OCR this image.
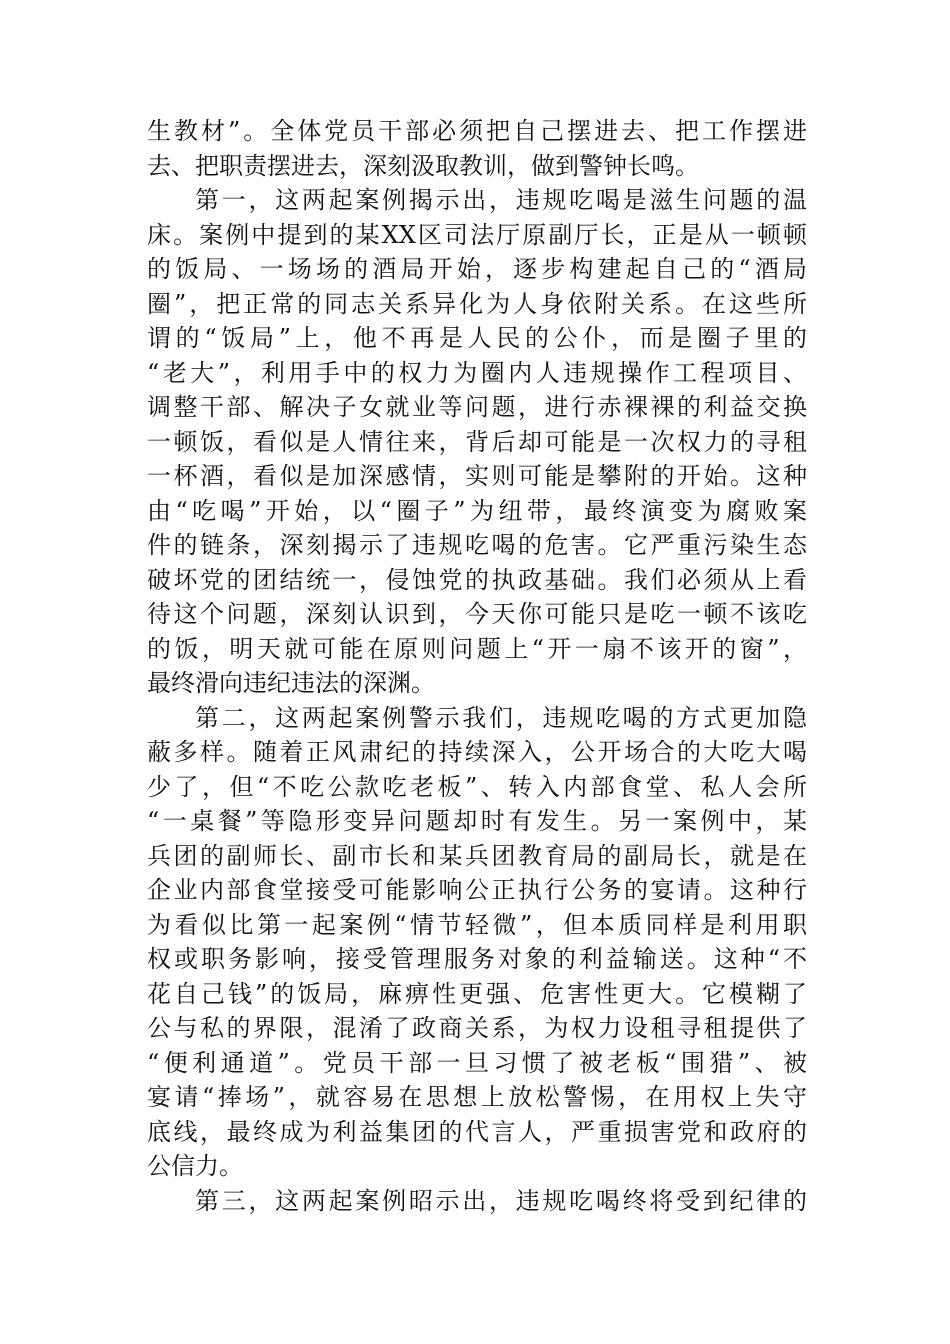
生教材”。全体党员干部必须把自己摆进去、把工作摆进
去、把职责摆进去，深刻汲取教训，做到警钟长鸣。
第一，这两起案例揭示出，违规吃喝是滋生问题的温
床。案例中提到的某XX区司法厅原副厅长，正是从一顿顿
的饭局、一场场的酒局开始，逐步构建起自己的“酒局
圈”，把正常的同志关系异化为人身依附关系。在这些所
谓的“饭局”上，他不再是人民的公仆，而是圈子里的
“老大”，利用手中的权力为圈内人违规操作工程项目、
调整干部、解决子女就业等问题，进行赤裸裸的利益交换
一顿饭，看似是人情往来，背后却可能是一次权力的寻租
一杯酒，看似是加深感情，实则可能是攀附的开始。这种
由“吃喝”开始，以“圈子”为纽带，最终演变为腐败案
件的链条，深刻揭示了违规吃喝的危害。它严重污染生态
破坏党的团结统一，侵蚀党的执政基础。我们必须从上看
待这个问题，深刻认识到，今天你可能只是吃一顿不该吃
的饭，明天就可能在原则问题上“开一扇不该开的窗”，
最终滑向违纪违法的深渊。
第二，这两起案例警示我们，违规吃喝的方式更加隐
蔽多样。随着正风肃纪的持续深入，公开场合的大吃大喝
少了，但“不吃公款吃老板”、转入内部食堂、私人会所
“一桌餐”等隐形变异问题却时有发生。另一案例中，某
兵团的副师长、副市长和某兵团教育局的副局长，就是在
企业内部食堂接受可能影响公正执行公务的宴请。这种行
为看似比第一起案例“情节轻微”，但本质同样是利用职
权或职务影响，接受管理服务对象的利益输送。这种“不
花自己钱”的饭局，麻痹性更强、危害性更大。它模糊了
公与私的界限，混淆了政商关系，为权力设租寻租提供了
“便利通道”。党员干部一旦习惯了被老板“围猎”、被
宴请“捧场”，就容易在思想上放松警惕，在用权上失守
底线，最终成为利益集团的代言人，严重损害党和政府的
公信力。
第三，这两起案例昭示出，违规吃喝终将受到纪律的
